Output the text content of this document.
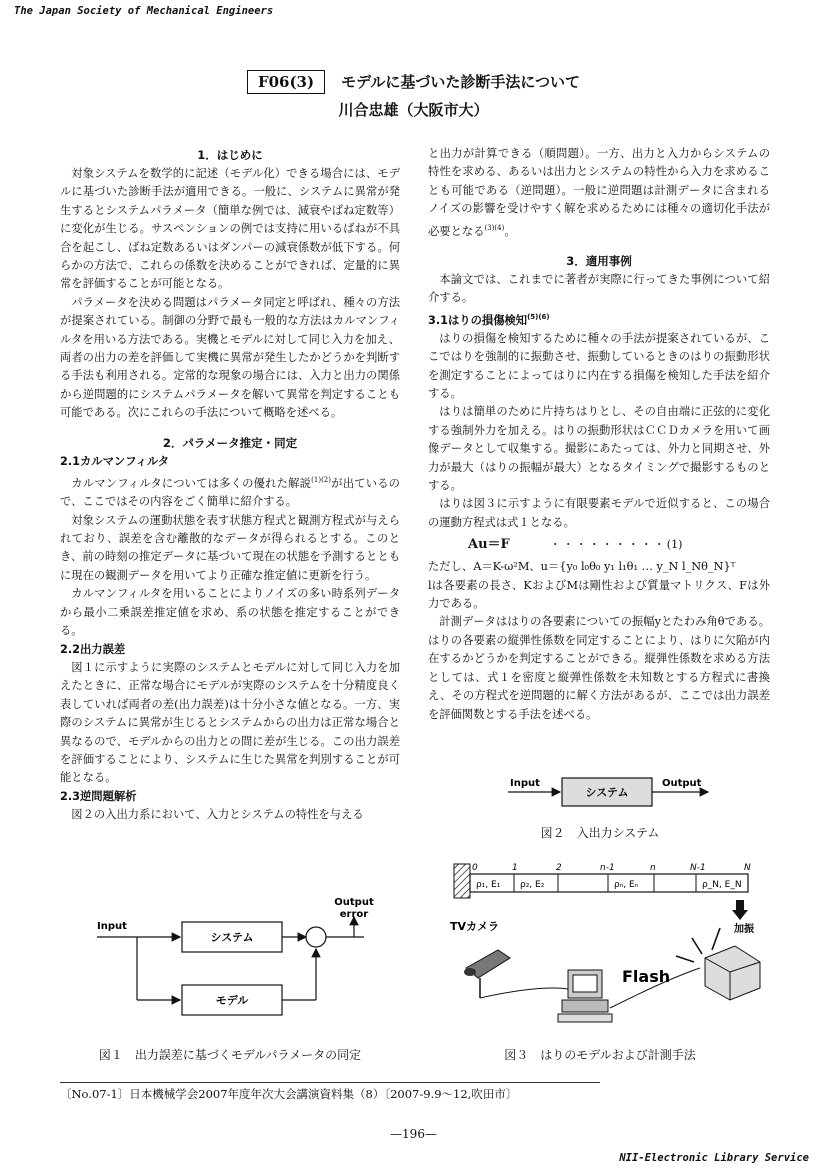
The Japan Society of Mechanical Engineers
F06(3) モデルに基づいた診断手法について
川合忠雄（大阪市大）
1．はじめに

対象システムを数学的に記述（モデル化）できる場合には、モデルに基づいた診断手法が適用できる。一般に、システムに異常が発生するとシステムパラメータ（簡単な例では、減衰やばね定数等）に変化が生じる。サスペンションの例では支持に用いるばねが不具合を起こし、ばね定数あるいはダンパーの減衰係数が低下する。何らかの方法で、これらの係数を決めることができれば、定量的に異常を評価することが可能となる。

パラメータを決める問題はパラメータ同定と呼ばれ、種々の方法が提案されている。制御の分野で最も一般的な方法はカルマンフィルタを用いる方法である。実機とモデルに対して同じ入力を加え、両者の出力の差を評価して実機に異常が発生したかどうかを判断する手法も利用される。定常的な現象の場合には、入力と出力の関係から逆問題的にシステムパラメータを解いて異常を判定することも可能である。次にこれらの手法について概略を述べる。

2．パラメータ推定・同定
2.1カルマンフィルタ

カルマンフィルタについては多くの優れた解説$^{(1)(2)}$が出ているので、ここではその内容をごく簡単に紹介する。

対象システムの運動状態を表す状態方程式と観測方程式が与えられており、誤差を含む離散的なデータが得られるとする。このとき、前の時刻の推定データに基づいて現在の状態を予測するとともに現在の観測データを用いてより正確な推定値に更新を行う。

カルマンフィルタを用いることによりノイズの多い時系列データから最小二乗誤差推定値を求め、系の状態を推定することができる。

2.2出力誤差

図１に示すように実際のシステムとモデルに対して同じ入力を加えたときに、正常な場合にモデルが実際のシステムを十分精度良く表していれば両者の差(出力誤差)は十分小さな値となる。一方、実際のシステムに異常が生じるとシステムからの出力は正常な場合と異なるので、モデルからの出力との間に差が生じる。この出力誤差を評価することにより、システムに生じた異常を判別することが可能となる。

2.3逆問題解析

図２の入出力系において、入力とシステムの特性を与える

と出力が計算できる（順問題）。一方、出力と入力からシステムの特性を求める、あるいは出力とシステムの特性から入力を求めることも可能である（逆問題）。一般に逆問題は計測データに含まれるノイズの影響を受けやすく解を求めるためには種々の適切化手法が必要となる$^{(3)(4)}$。

3．適用事例

本論文では、これまでに著者が実際に行ってきた事例について紹介する。

3.1はりの損傷検知$^{(5)(6)}$

はりの損傷を検知するために種々の手法が提案されているが、ここではりを強制的に振動させ、振動しているときのはりの振動形状を測定することによってはりに内在する損傷を検知した手法を紹介する。

はりは簡単のために片持ちはりとし、その自由端に正弦的に変化する強制外力を加える。はりの振動形状はＣＣＤカメラを用いて画像データとして収集する。撮影にあたっては、外力と同期させ、外力が最大（はりの振幅が最大）となるタイミングで撮影するものとする。

はりは図３に示すように有限要素モデルで近似すると、この場合の運動方程式は式１となる。

Au＝F	・・・・・・・・・(1)

ただし、A＝K-ω²M、u＝{y₀ l₀θ₀ y₁ l₁θ₁ … y_N l_Nθ_N}ᵀ

lは各要素の長さ、KおよびMは剛性および質量マトリクス、Fは外力である。

計測データははりの各要素についての振幅yとたわみ角θである。はりの各要素の縦弾性係数を同定することにより、はりに欠陥が内在するかどうかを判定することができる。縦弾性係数を求める方法としては、式１を密度と縦弾性係数を未知数とする方程式に書換え、その方程式を逆問題的に解く方法があるが、ここでは出力誤差を評価関数とする手法を述べる。

Input
システム
モデル
Output
error
図１　出力誤差に基づくモデルパラメータの同定
Input
システム
Output
図２　入出力システム
0	1	2	n-1	n	N-1	N
ρ₁, E₁ ρ₂, E₂	ρₙ, Eₙ	ρ_N, E_N
加振
TVカメラ
Flash
図３　はりのモデルおよび計測手法
〔No.07-1〕日本機械学会2007年度年次大会講演資料集（8）〔2007-9.9～12,吹田市〕
—196—
NII-Electronic Library Service
